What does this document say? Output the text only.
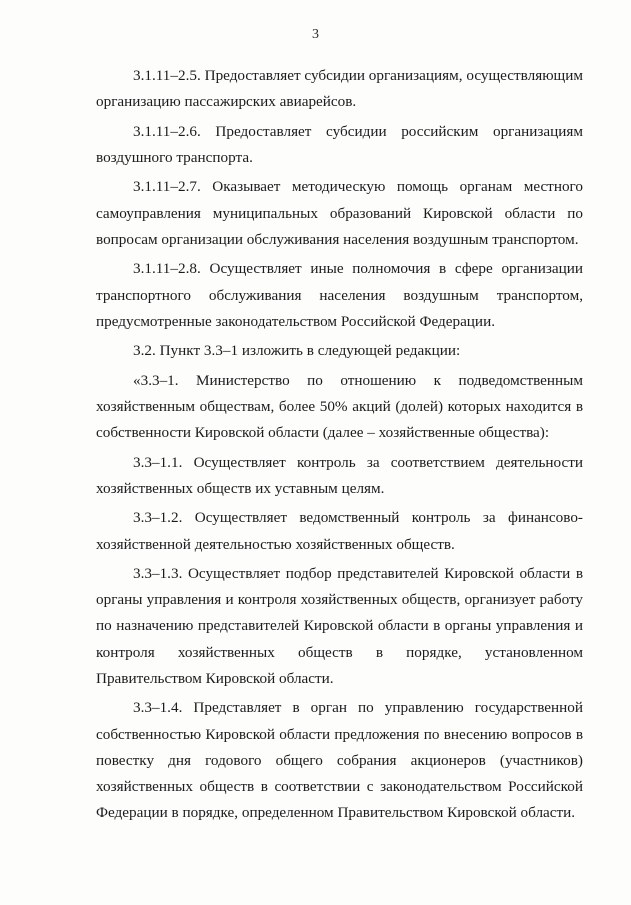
3

3.1.11–2.5. Предоставляет субсидии организациям, осуществляющим организацию пассажирских авиарейсов.

3.1.11–2.6. Предоставляет субсидии российским организациям воздушного транспорта.

3.1.11–2.7. Оказывает методическую помощь органам местного самоуправления муниципальных образований Кировской области по вопросам организации обслуживания населения воздушным транспортом.

3.1.11–2.8. Осуществляет иные полномочия в сфере организации транспортного обслуживания населения воздушным транспортом, предусмотренные законодательством Российской Федерации.

3.2. Пункт 3.3–1 изложить в следующей редакции:

«3.3–1. Министерство по отношению к подведомственным хозяйственным обществам, более 50% акций (долей) которых находится в собственности Кировской области (далее – хозяйственные общества):

3.3–1.1. Осуществляет контроль за соответствием деятельности хозяйственных обществ их уставным целям.

3.3–1.2. Осуществляет ведомственный контроль за финансово-хозяйственной деятельностью хозяйственных обществ.

3.3–1.3. Осуществляет подбор представителей Кировской области в органы управления и контроля хозяйственных обществ, организует работу по назначению представителей Кировской области в органы управления и контроля хозяйственных обществ в порядке, установленном Правительством Кировской области.

3.3–1.4. Представляет в орган по управлению государственной собственностью Кировской области предложения по внесению вопросов в повестку дня годового общего собрания акционеров (участников) хозяйственных обществ в соответствии с законодательством Российской Федерации в порядке, определенном Правительством Кировской области.
